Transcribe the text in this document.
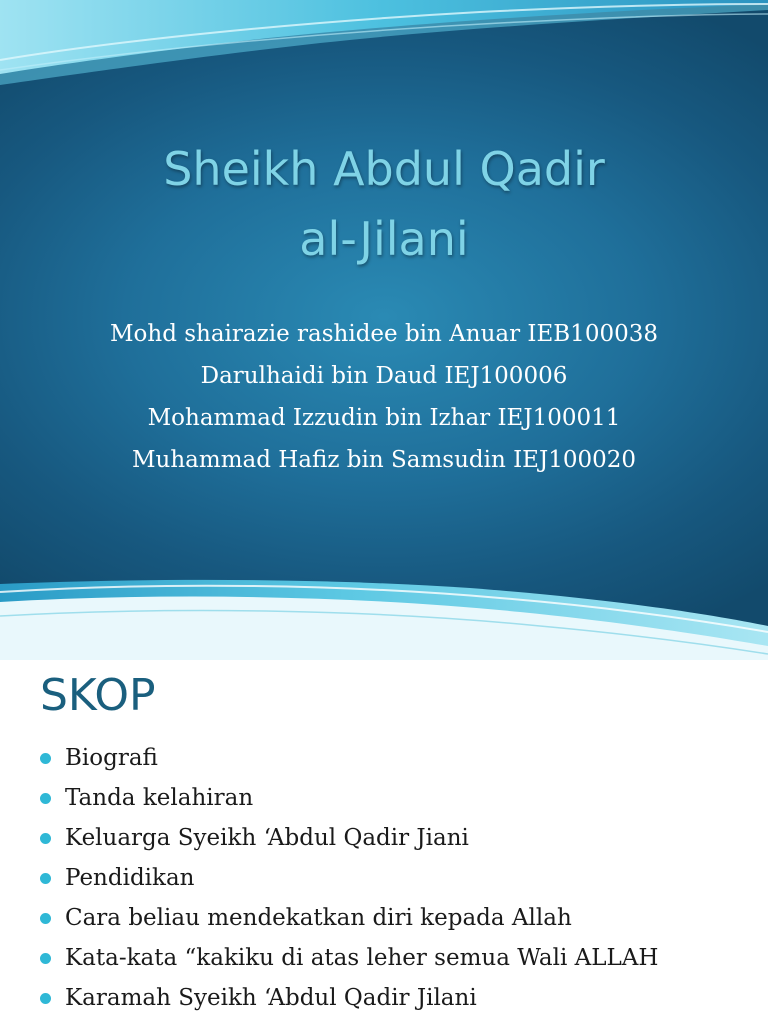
Sheikh Abdul Qadir
al-Jilani
Mohd shairazie rashidee bin Anuar IEB100038
Darulhaidi bin Daud IEJ100006
Mohammad Izzudin bin Izhar IEJ100011
Muhammad Hafiz bin Samsudin IEJ100020
SKOP
Biografi
Tanda kelahiran
Keluarga Syeikh ‘Abdul Qadir Jiani
Pendidikan
Cara beliau mendekatkan diri kepada Allah
Kata-kata “kakiku di atas leher semua Wali ALLAH
Karamah Syeikh ‘Abdul Qadir Jilani
